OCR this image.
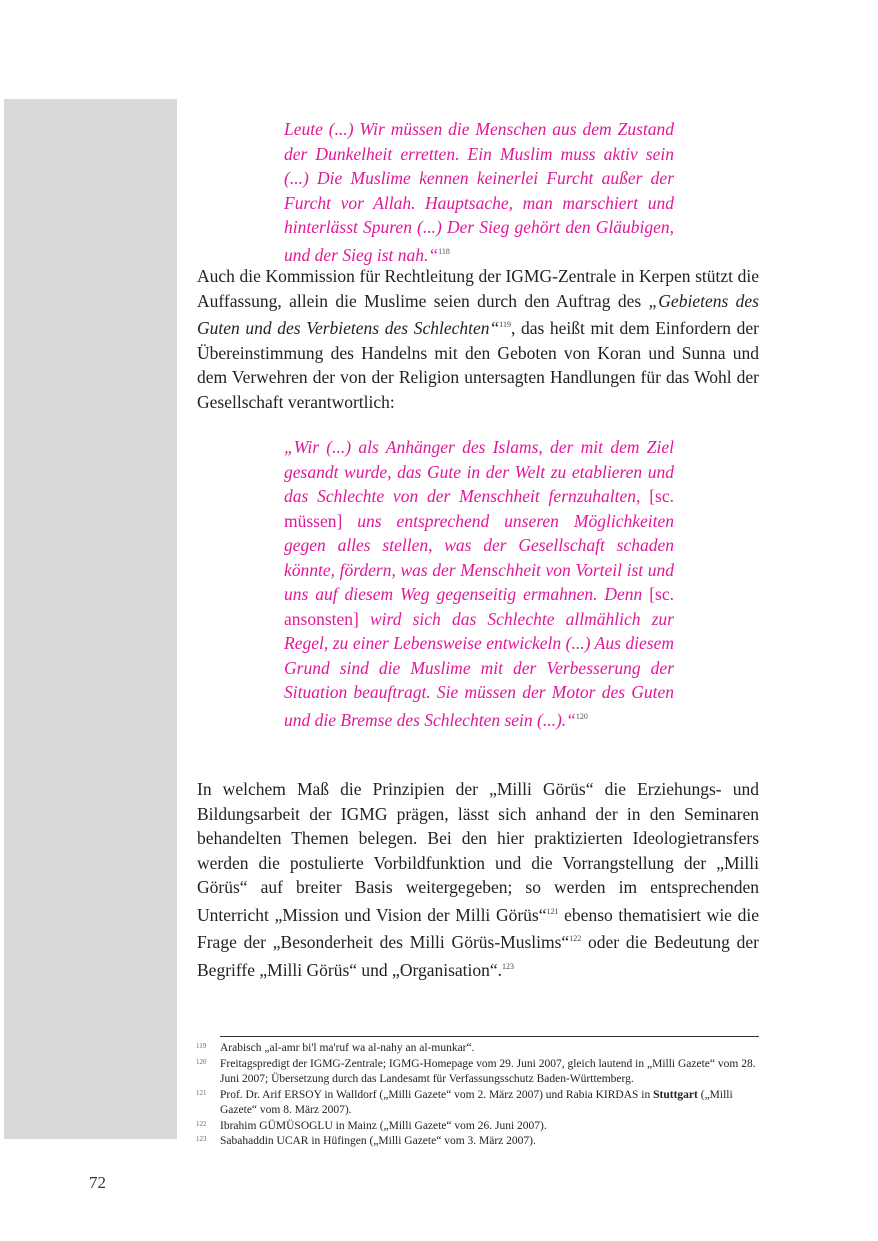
Leute (...) Wir müssen die Menschen aus dem Zustand der Dunkelheit erretten. Ein Muslim muss aktiv sein (...) Die Muslime kennen keinerlei Furcht außer der Furcht vor Allah. Hauptsache, man marschiert und hinterlässt Spuren (...) Der Sieg gehört den Gläubigen, und der Sieg ist nah.“$^{118}$
Auch die Kommission für Rechtleitung der IGMG-Zentrale in Kerpen stützt die Auffassung, allein die Muslime seien durch den Auftrag des „Gebietens des Guten und des Verbietens des Schlechten“$^{119}$, das heißt mit dem Einfordern der Übereinstimmung des Handelns mit den Geboten von Koran und Sunna und dem Verwehren der von der Religion untersagten Handlungen für das Wohl der Gesellschaft verantwortlich:
„Wir (...) als Anhänger des Islams, der mit dem Ziel gesandt wurde, das Gute in der Welt zu etablieren und das Schlechte von der Menschheit fernzuhalten, [sc. müssen] uns entsprechend unseren Möglichkeiten gegen alles stellen, was der Gesellschaft schaden könnte, fördern, was der Menschheit von Vorteil ist und uns auf diesem Weg gegenseitig ermahnen. Denn [sc. ansonsten] wird sich das Schlechte allmählich zur Regel, zu einer Lebensweise entwickeln (...) Aus diesem Grund sind die Muslime mit der Verbesserung der Situation beauftragt. Sie müssen der Motor des Guten und die Bremse des Schlechten sein (...).“$^{120}$
In welchem Maß die Prinzipien der „Milli Görüs“ die Erziehungs- und Bildungsarbeit der IGMG prägen, lässt sich anhand der in den Seminaren behandelten Themen belegen. Bei den hier praktizierten Ideologietransfers werden die postulierte Vorbildfunktion und die Vorrangstellung der „Milli Görüs“ auf breiter Basis weitergegeben; so werden im entsprechenden Unterricht „Mission und Vision der Milli Görüs“$^{121}$ ebenso thematisiert wie die Frage der „Besonderheit des Milli Görüs-Muslims“$^{122}$ oder die Bedeutung der Begriffe „Milli Görüs“ und „Organisation“.$^{123}$
119 Arabisch „al-amr bi'l ma'ruf wa al-nahy an al-munkar“.
120 Freitagspredigt der IGMG-Zentrale; IGMG-Homepage vom 29. Juni 2007, gleich lautend in „Milli Gazete“ vom 28. Juni 2007; Übersetzung durch das Landesamt für Verfassungsschutz Baden-Württemberg.
121 Prof. Dr. Arif ERSOY in Walldorf („Milli Gazete“ vom 2. März 2007) und Rabia KIRDAS in Stuttgart („Milli Gazete“ vom 8. März 2007).
122 Ibrahim GÜMÜSOGLU in Mainz („Milli Gazete“ vom 26. Juni 2007).
123 Sabahaddin UCAR in Hüfingen („Milli Gazete“ vom 3. März 2007).
72
